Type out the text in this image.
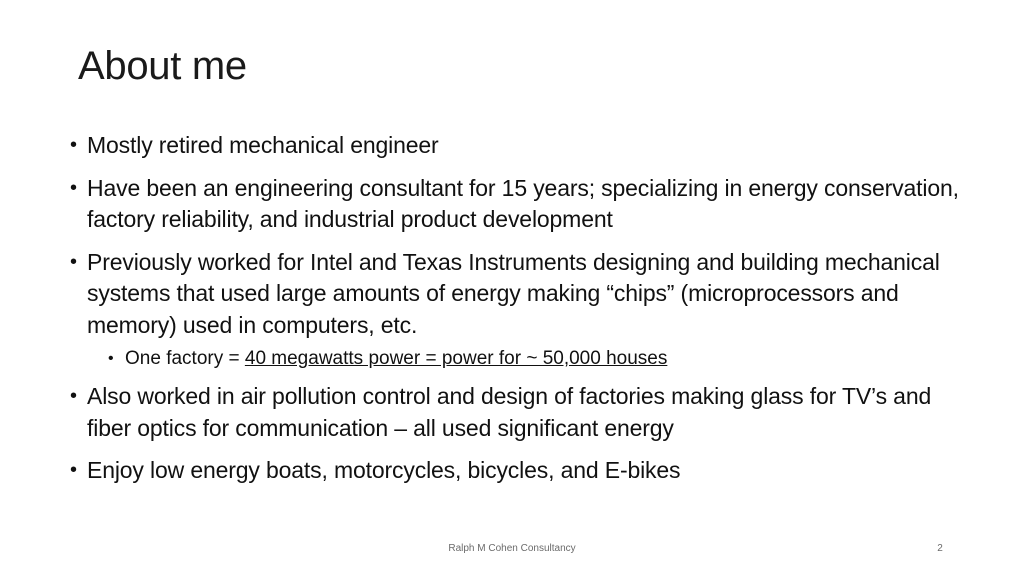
About me
• Mostly retired mechanical engineer
• Have been an engineering consultant for 15 years; specializing in energy conservation, factory reliability, and industrial product development
• Previously worked for Intel and Texas Instruments designing and building mechanical systems that used large amounts of energy making “chips” (microprocessors and memory) used in computers, etc.
• One factory = 40 megawatts power = power for ~ 50,000 houses
• Also worked in air pollution control and design of factories making glass for TV’s and fiber optics for communication – all used significant energy
• Enjoy low energy boats, motorcycles, bicycles, and E-bikes
Ralph M Cohen Consultancy	2
